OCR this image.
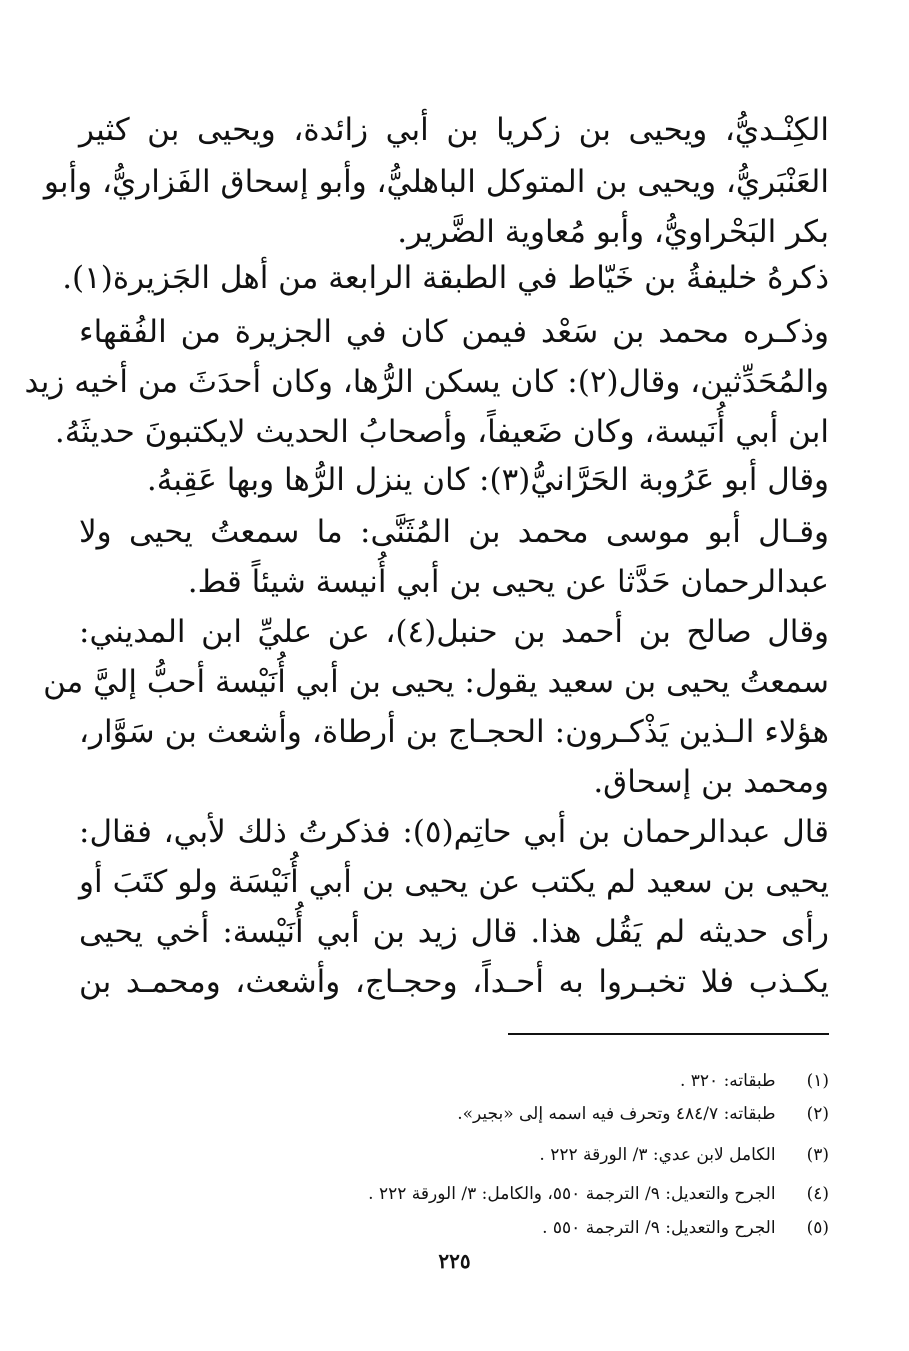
الكِنْـديُّ، ويحيى بن زكريا بن أبي زائدة، ويحيى بن كثير
العَنْبَريُّ، ويحيى بن المتوكل الباهليُّ، وأبو إسحاق الفَزاريُّ، وأبو
بكر البَحْراويُّ، وأبو مُعاوية الضَّرير.
ذكرهُ خليفةُ بن خَيّاط في الطبقة الرابعة من أهل الجَزيرة(١).
وذكـره محمد بن سَعْد فيمن كان في الجزيرة من الفُقهاء
والمُحَدِّثين، وقال(٢): كان يسكن الرُّها، وكان أحدَثَ من أخيه زيد
ابن أبي أُنَيسة، وكان ضَعيفاً، وأصحابُ الحديث لايكتبونَ حديثَهُ.
وقال أبو عَرُوبة الحَرَّانيُّ(٣): كان ينزل الرُّها وبها عَقِبهُ.
وقـال أبو موسى محمد بن المُثَنَّى: ما سمعتُ يحيى ولا
عبدالرحمان حَدَّثا عن يحيى بن أبي أُنيسة شيئاً قط.
وقال صالح بن أحمد بن حنبل(٤)، عن عليِّ ابن المديني:
سمعتُ يحيى بن سعيد يقول: يحيى بن أبي أُنَيْسة أحبُّ إليَّ من
هؤلاء الـذين يَذْكـرون: الحجـاج بن أرطاة، وأشعث بن سَوَّار،
ومحمد بن إسحاق.
قال عبدالرحمان بن أبي حاتِم(٥): فذكرتُ ذلك لأبي، فقال:
يحيى بن سعيد لم يكتب عن يحيى بن أبي أُنَيْسَة ولو كتَبَ أو
رأى حديثه لم يَقُل هذا. قال زيد بن أبي أُنَيْسة: أخي يحيى
يكـذب فلا تخبـروا به أحـداً، وحجـاج، وأشعث، ومحمـد بن
(١) طبقاته: ٣٢٠ .
(٢) طبقاته: ٤٨٤/٧ وتحرف فيه اسمه إلى «بجير».
(٣) الكامل لابن عدي: ٣/ الورقة ٢٢٢ .
(٤) الجرح والتعديل: ٩/ الترجمة ٥٥٠، والكامل: ٣/ الورقة ٢٢٢ .
(٥) الجرح والتعديل: ٩/ الترجمة ٥٥٠ .
٢٢٥
